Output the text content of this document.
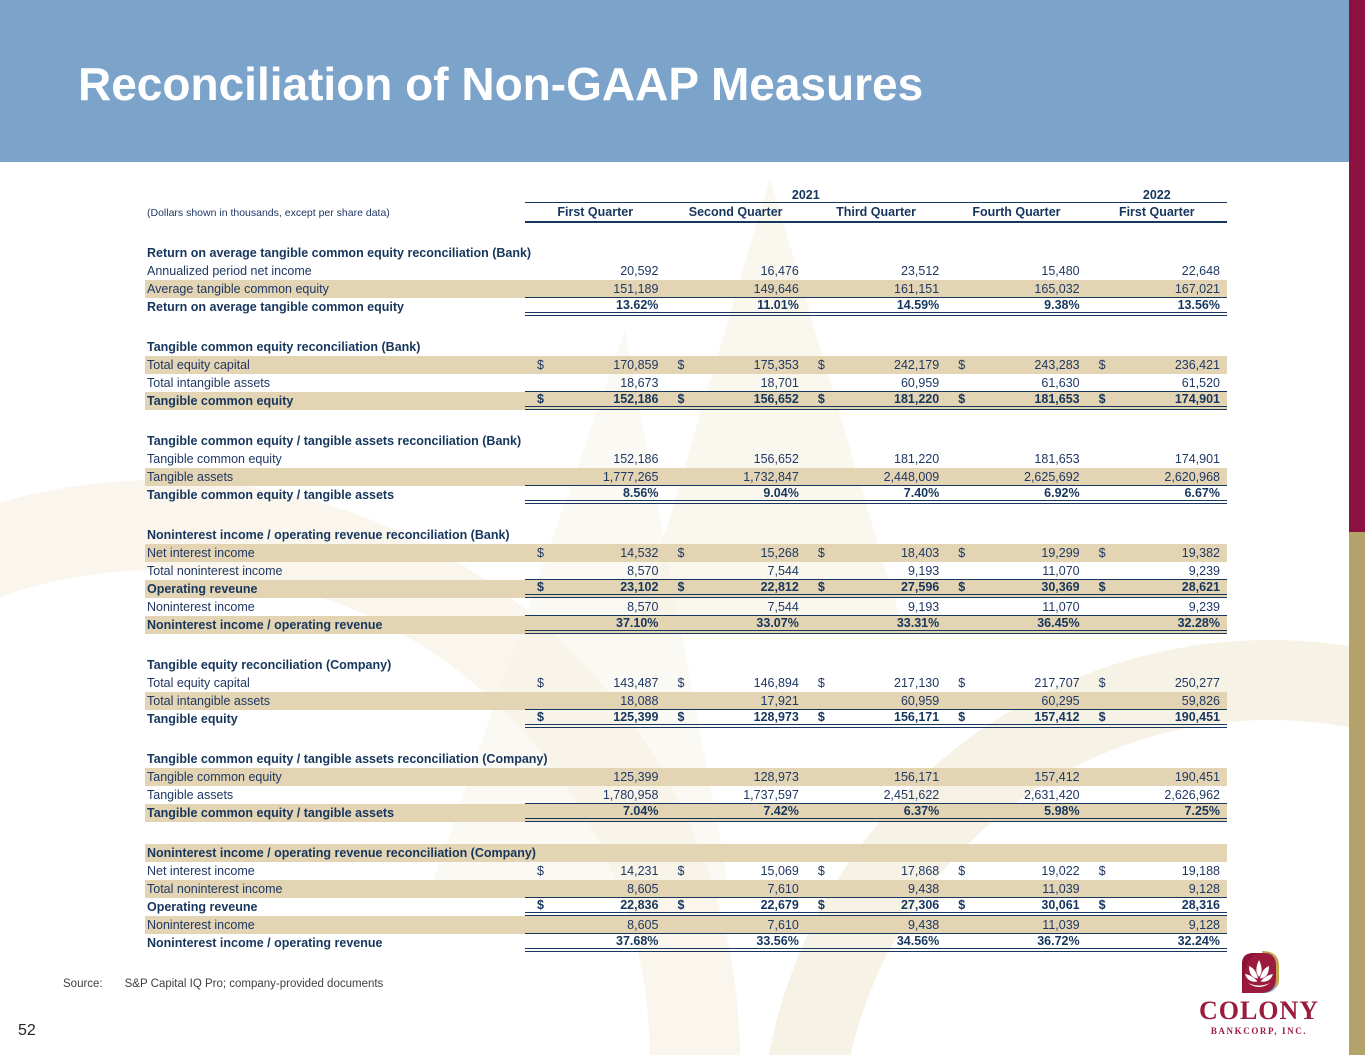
Reconciliation of Non-GAAP Measures
2021	2022
(Dollars shown in thousands, except per share data)	First Quarter	Second Quarter	Third Quarter	Fourth Quarter	First Quarter
Return on average tangible common equity reconciliation (Bank)
Annualized period net income	20,592	16,476	23,512	15,480	22,648
Average tangible common equity	151,189	149,646	161,151	165,032	167,021
Return on average tangible common equity	13.62%	11.01%	14.59%	9.38%	13.56%
Tangible common equity reconciliation (Bank)
Total equity capital	$	170,859	$	175,353	$	242,179	$	243,283	$	236,421
Total intangible assets	18,673	18,701	60,959	61,630	61,520
Tangible common equity	$	152,186	$	156,652	$	181,220	$	181,653	$	174,901
Tangible common equity / tangible assets reconciliation (Bank)
Tangible common equity	152,186	156,652	181,220	181,653	174,901
Tangible assets	1,777,265	1,732,847	2,448,009	2,625,692	2,620,968
Tangible common equity / tangible assets	8.56%	9.04%	7.40%	6.92%	6.67%
Noninterest income / operating revenue reconciliation (Bank)
Net interest income	$	14,532	$	15,268	$	18,403	$	19,299	$	19,382
Total noninterest income	8,570	7,544	9,193	11,070	9,239
Operating reveune	$	23,102	$	22,812	$	27,596	$	30,369	$	28,621
Noninterest income	8,570	7,544	9,193	11,070	9,239
Noninterest income / operating revenue	37.10%	33.07%	33.31%	36.45%	32.28%
Tangible equity reconciliation (Company)
Total equity capital	$	143,487	$	146,894	$	217,130	$	217,707	$	250,277
Total intangible assets	18,088	17,921	60,959	60,295	59,826
Tangible equity	$	125,399	$	128,973	$	156,171	$	157,412	$	190,451
Tangible common equity / tangible assets reconciliation (Company)
Tangible common equity	125,399	128,973	156,171	157,412	190,451
Tangible assets	1,780,958	1,737,597	2,451,622	2,631,420	2,626,962
Tangible common equity / tangible assets	7.04%	7.42%	6.37%	5.98%	7.25%
Noninterest income / operating revenue reconciliation (Company)
Net interest income	$	14,231	$	15,069	$	17,868	$	19,022	$	19,188
Total noninterest income	8,605	7,610	9,438	11,039	9,128
Operating reveune	$	22,836	$	22,679	$	27,306	$	30,061	$	28,316
Noninterest income	8,605	7,610	9,438	11,039	9,128
Noninterest income / operating revenue	37.68%	33.56%	34.56%	36.72%	32.24%
Source: S&P Capital IQ Pro; company-provided documents
52
COLONY
BANKCORP, INC.
